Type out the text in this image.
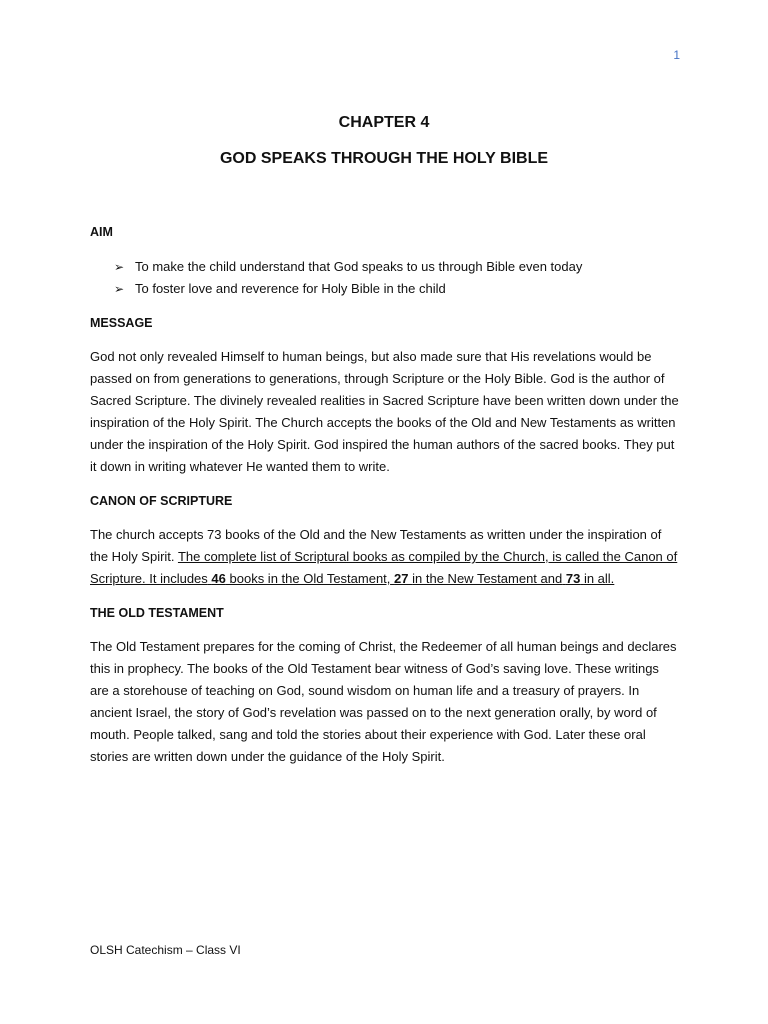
1
CHAPTER 4
GOD SPEAKS THROUGH THE HOLY BIBLE
AIM
➢ To make the child understand that God speaks to us through Bible even today
➢ To foster love and reverence for Holy Bible in the child
MESSAGE

God not only revealed Himself to human beings, but also made sure that His revelations would be passed on from generations to generations, through Scripture or the Holy Bible. God is the author of Sacred Scripture. The divinely revealed realities in Sacred Scripture have been written down under the inspiration of the Holy Spirit. The Church accepts the books of the Old and New Testaments as written under the inspiration of the Holy Spirit. God inspired the human authors of the sacred books. They put it down in writing whatever He wanted them to write.

CANON OF SCRIPTURE

The church accepts 73 books of the Old and the New Testaments as written under the inspiration of the Holy Spirit. The complete list of Scriptural books as compiled by the Church, is called the Canon of Scripture. It includes 46 books in the Old Testament, 27 in the New Testament and 73 in all.

THE OLD TESTAMENT

The Old Testament prepares for the coming of Christ, the Redeemer of all human beings and declares this in prophecy. The books of the Old Testament bear witness of God’s saving love. These writings are a storehouse of teaching on God, sound wisdom on human life and a treasury of prayers. In ancient Israel, the story of God’s revelation was passed on to the next generation orally, by word of mouth. People talked, sang and told the stories about their experience with God. Later these oral stories are written down under the guidance of the Holy Spirit.

OLSH Catechism – Class VI
